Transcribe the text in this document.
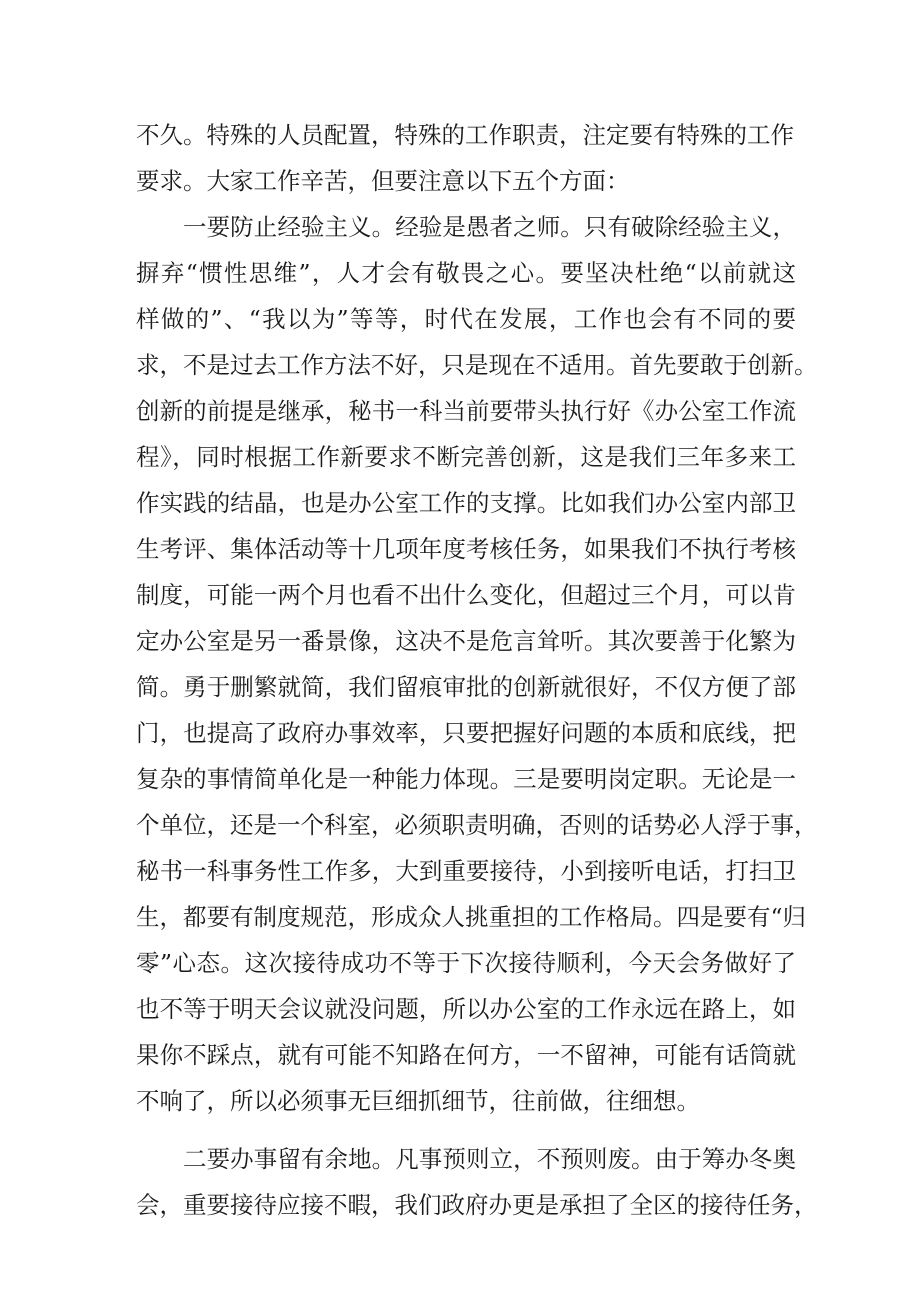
不久。特殊的人员配置，特殊的工作职责，注定要有特殊的工作
要求。大家工作辛苦，但要注意以下五个方面：
一要防止经验主义。经验是愚者之师。只有破除经验主义，
摒弃“惯性思维”，人才会有敬畏之心。要坚决杜绝“以前就这
样做的”、“我以为”等等，时代在发展，工作也会有不同的要
求，不是过去工作方法不好，只是现在不适用。首先要敢于创新。
创新的前提是继承，秘书一科当前要带头执行好《办公室工作流
程》，同时根据工作新要求不断完善创新，这是我们三年多来工
作实践的结晶，也是办公室工作的支撑。比如我们办公室内部卫
生考评、集体活动等十几项年度考核任务，如果我们不执行考核
制度，可能一两个月也看不出什么变化，但超过三个月，可以肯
定办公室是另一番景像，这决不是危言耸听。其次要善于化繁为
简。勇于删繁就简，我们留痕审批的创新就很好，不仅方便了部
门，也提高了政府办事效率，只要把握好问题的本质和底线，把
复杂的事情简单化是一种能力体现。三是要明岗定职。无论是一
个单位，还是一个科室，必须职责明确，否则的话势必人浮于事，
秘书一科事务性工作多，大到重要接待，小到接听电话，打扫卫
生，都要有制度规范，形成众人挑重担的工作格局。四是要有“归
零”心态。这次接待成功不等于下次接待顺利，今天会务做好了
也不等于明天会议就没问题，所以办公室的工作永远在路上，如
果你不踩点，就有可能不知路在何方，一不留神，可能有话筒就
不响了，所以必须事无巨细抓细节，往前做，往细想。
二要办事留有余地。凡事预则立，不预则废。由于筹办冬奥
会，重要接待应接不暇，我们政府办更是承担了全区的接待任务，
